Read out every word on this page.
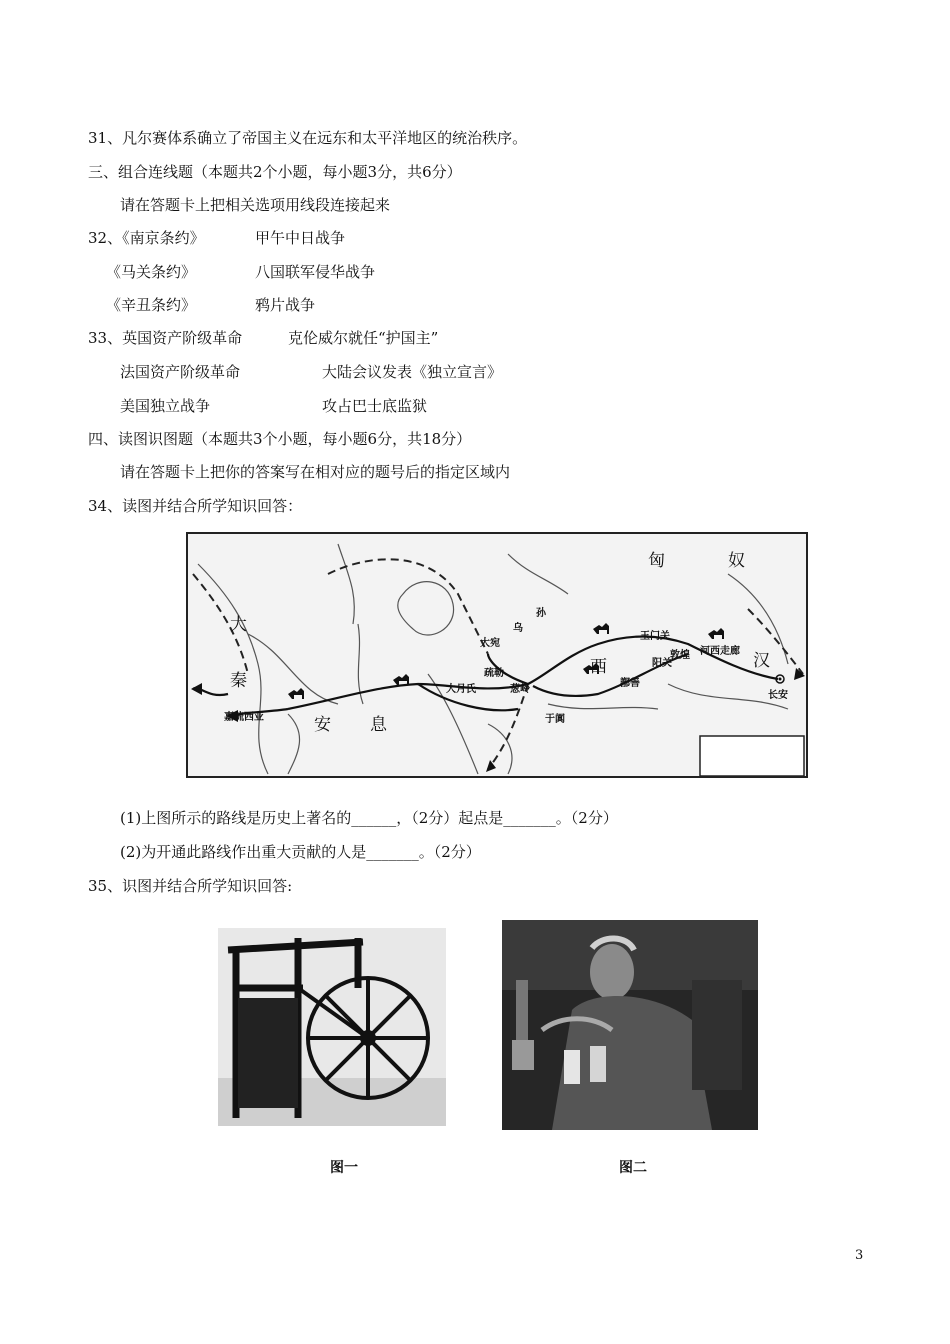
31、凡尔赛体系确立了帝国主义在远东和太平洋地区的统治秩序。
三、组合连线题（本题共2个小题，每小题3分，共6分）
请在答题卡上把相关选项用线段连接起来
32、《南京条约》	甲午中日战争
《马关条约》	八国联军侵华战争
《辛丑条约》	鸦片战争
33、英国资产阶级革命	克伦威尔就任“护国主”
法国资产阶级革命	大陆会议发表《独立宣言》
美国独立战争	攻占巴士底监狱
四、读图识图题（本题共3个小题，每小题6分，共18分）
请在答题卡上把你的答案写在相对应的题号后的指定区域内
34、读图并结合所学知识回答：
匈	奴
乌
孙
大宛
疏勒
葱岭
大月氏
西
玉门关
阳关
敦煌 河西走廊
鄯善
于阗
汉
长安
大
秦
安 息
嘉琉西亚
(1)上图所示的路线是历史上著名的______，（2分）起点是_______。（2分）
(2)为开通此路线作出重大贡献的人是_______。（2分）
35、识图并结合所学知识回答:
图一	图二
3
